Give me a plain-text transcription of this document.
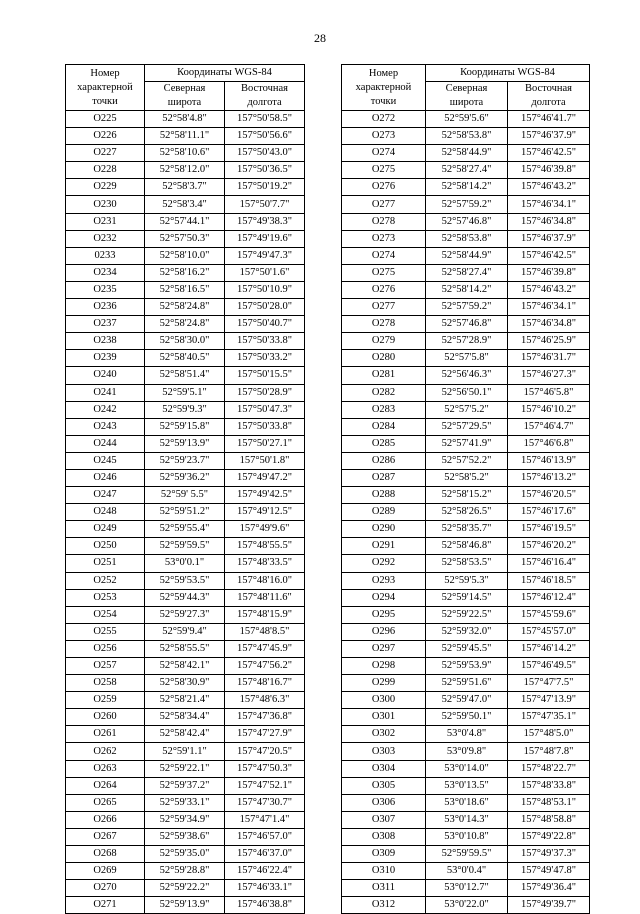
28
Номер
характерной
точки	Координаты WGS-84	
	Северная
широта	Восточная
долгота

О225	52°58'4.8"	157°50'58.5"
О226	52°58'11.1"	157°50'56.6"
О227	52°58'10.6"	157°50'43.0"
О228	52°58'12.0"	157°50'36.5"
О229	52°58'3.7"	157°50'19.2"
О230	52°58'3.4"	157°50'7.7"
О231	52°57'44.1"	157°49'38.3"
О232	52°57'50.3"	157°49'19.6"
0233	52°58'10.0"	157°49'47.3"
О234	52°58'16.2"	157°50'1.6"
О235	52°58'16.5"	157°50'10.9"
О236	52°58'24.8"	157°50'28.0"
О237	52°58'24.8"	157°50'40.7"
О238	52°58'30.0"	157°50'33.8"
О239	52°58'40.5"	157°50'33.2"
О240	52°58'51.4"	157°50'15.5"
О241	52°59'5.1"	157°50'28.9"
О242	52°59'9.3"	157°50'47.3"
О243	52°59'15.8"	157°50'33.8"
О244	52°59'13.9"	157°50'27.1"
О245	52°59'23.7"	157°50'1.8"
О246	52°59'36.2"	157°49'47.2"
О247	52°59' 5.5"	157°49'42.5"
О248	52°59'51.2"	157°49'12.5"
О249	52°59'55.4"	157°49'9.6"
О250	52°59'59.5"	157°48'55.5"
О251	53°0'0.1"	157°48'33.5"
О252	52°59'53.5"	157°48'16.0"
О253	52°59'44.3"	157°48'11.6"
О254	52°59'27.3"	157°48'15.9"
О255	52°59'9.4"	157°48'8.5"
О256	52°58'55.5"	157°47'45.9"
О257	52°58'42.1"	157°47'56.2"
О258	52°58'30.9"	157°48'16.7"
О259	52°58'21.4"	157°48'6.3"
О260	52°58'34.4"	157°47'36.8"
О261	52°58'42.4"	157°47'27.9"
О262	52°59'1.1"	157°47'20.5"
О263	52°59'22.1"	157°47'50.3"
О264	52°59'37.2"	157°47'52.1"
О265	52°59'33.1"	157°47'30.7"
О266	52°59'34.9"	157°47'1.4"
О267	52°59'38.6"	157°46'57.0"
О268	52°59'35.0"	157°46'37.0"
О269	52°59'28.8"	157°46'22.4"
О270	52°59'22.2"	157°46'33.1"
О271	52°59'13.9"	157°46'38.8"
Номер
характерной
точки	Координаты WGS-84	
	Северная
широта	Восточная
долгота

О272	52°59'5.6"	157°46'41.7"
О273	52°58'53.8"	157°46'37.9"
О274	52°58'44.9"	157°46'42.5"
О275	52°58'27.4"	157°46'39.8"
О276	52°58'14.2"	157°46'43.2"
О277	52°57'59.2"	157°46'34.1"
О278	52°57'46.8"	157°46'34.8"
О273	52°58'53.8"	157°46'37.9"
О274	52°58'44.9"	157°46'42.5"
О275	52°58'27.4"	157°46'39.8"
О276	52°58'14.2"	157°46'43.2"
О277	52°57'59.2"	157°46'34.1"
О278	52°57'46.8"	157°46'34.8"
О279	52°57'28.9"	157°46'25.9"
О280	52°57'5.8"	157°46'31.7"
О281	52°56'46.3"	157°46'27.3"
О282	52°56'50.1"	157°46'5.8"
О283	52°57'5.2"	157°46'10.2"
О284	52°57'29.5"	157°46'4.7"
О285	52°57'41.9"	157°46'6.8"
О286	52°57'52.2"	157°46'13.9"
О287	52°58'5.2"	157°46'13.2"
О288	52°58'15.2"	157°46'20.5"
О289	52°58'26.5"	157°46'17.6"
О290	52°58'35.7"	157°46'19.5"
О291	52°58'46.8"	157°46'20.2"
О292	52°58'53.5"	157°46'16.4"
О293	52°59'5.3"	157°46'18.5"
О294	52°59'14.5"	157°46'12.4"
О295	52°59'22.5"	157°45'59.6"
О296	52°59'32.0"	157°45'57.0"
О297	52°59'45.5"	157°46'14.2"
О298	52°59'53.9"	157°46'49.5"
О299	52°59'51.6"	157°47'7.5"
О300	52°59'47.0"	157°47'13.9"
О301	52°59'50.1"	157°47'35.1"
О302	53°0'4.8"	157°48'5.0"
О303	53°0'9.8"	157°48'7.8"
О304	53°0'14.0"	157°48'22.7"
О305	53°0'13.5"	157°48'33.8"
О306	53°0'18.6"	157°48'53.1"
О307	53°0'14.3"	157°48'58.8"
О308	53°0'10.8"	157°49'22.8"
О309	52°59'59.5"	157°49'37.3"
О310	53°0'0.4"	157°49'47.8"
О311	53°0'12.7"	157°49'36.4"
О312	53°0'22.0"	157°49'39.7"
